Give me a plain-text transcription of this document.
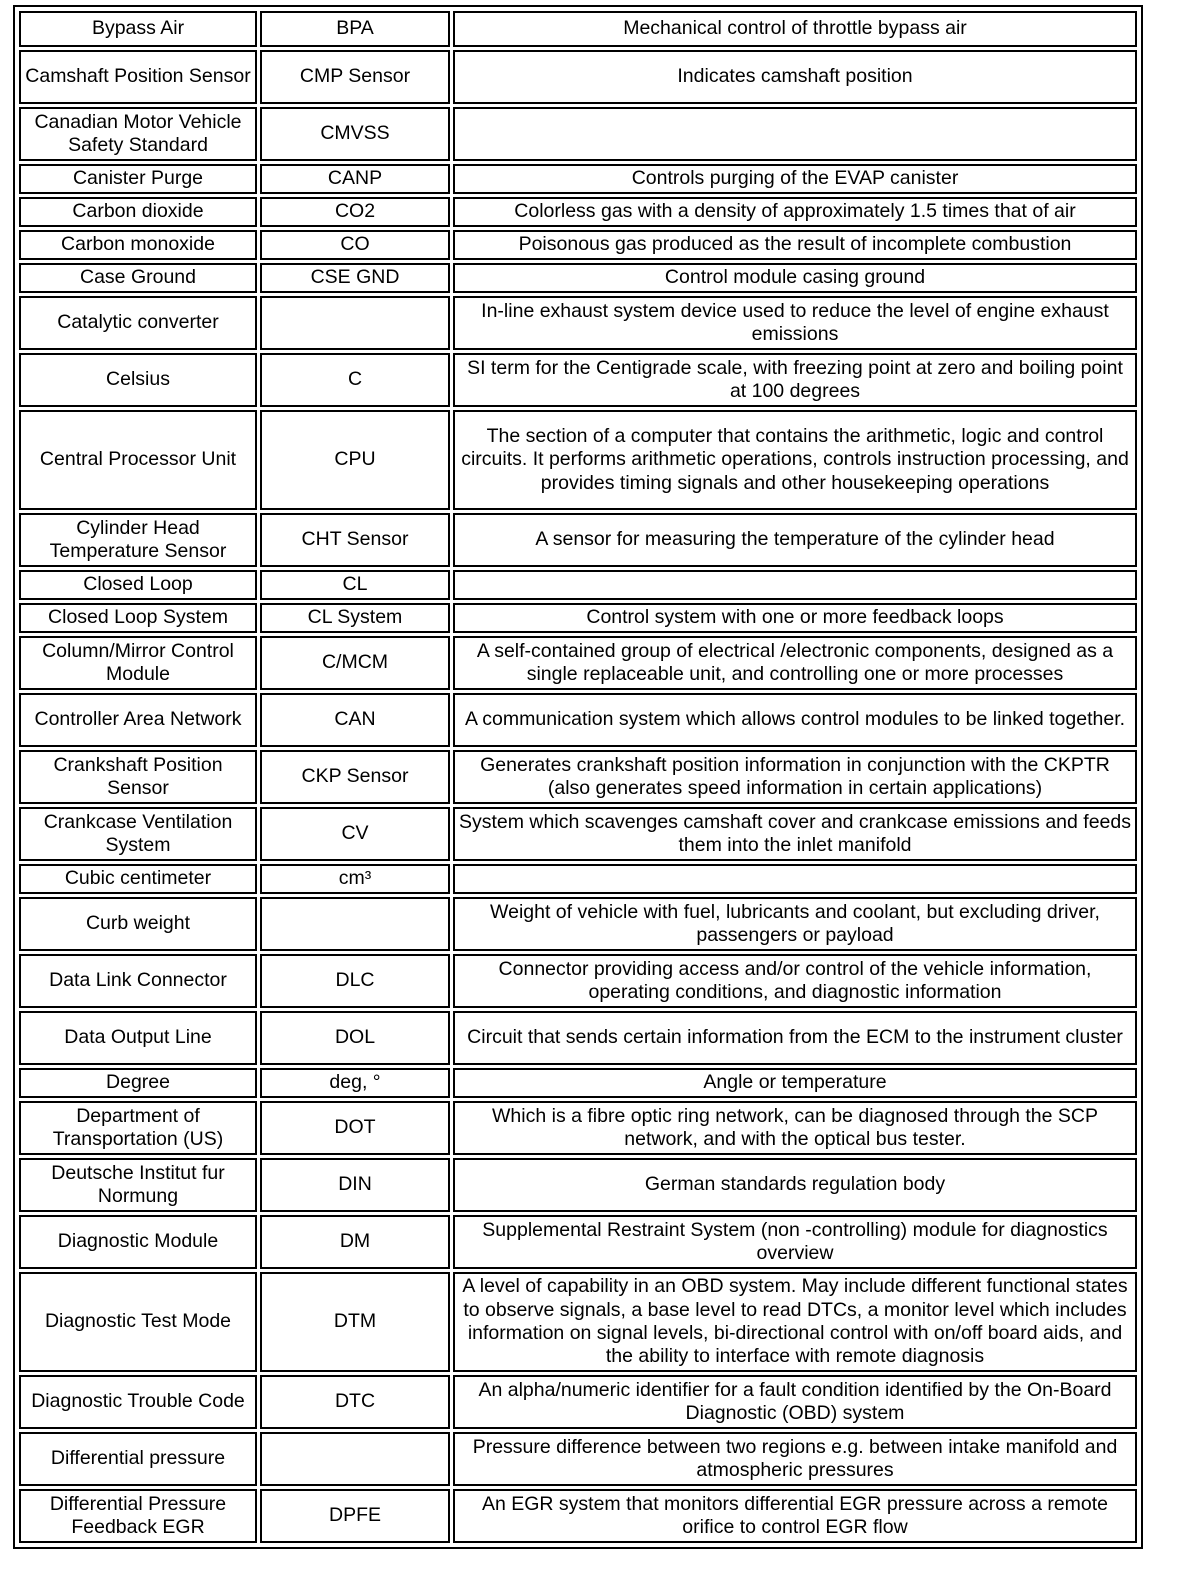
Bypass Air	BPA	Mechanical control of throttle bypass air
Camshaft Position Sensor	CMP Sensor	Indicates camshaft position
Canadian Motor Vehicle Safety Standard	CMVSS	
Canister Purge	CANP	Controls purging of the EVAP canister
Carbon dioxide	CO2	Colorless gas with a density of approximately 1.5 times that of air
Carbon monoxide	CO	Poisonous gas produced as the result of incomplete combustion
Case Ground	CSE GND	Control module casing ground
Catalytic converter		In-line exhaust system device used to reduce the level of engine exhaust emissions
Celsius	C	SI term for the Centigrade scale, with freezing point at zero and boiling point at 100 degrees
Central Processor Unit	CPU	The section of a computer that contains the arithmetic, logic and control circuits. It performs arithmetic operations, controls instruction processing, and provides timing signals and other housekeeping operations
Cylinder Head Temperature Sensor	CHT Sensor	A sensor for measuring the temperature of the cylinder head
Closed Loop	CL	
Closed Loop System	CL System	Control system with one or more feedback loops
Column/Mirror Control Module	C/MCM	A self-contained group of electrical /electronic components, designed as a single replaceable unit, and controlling one or more processes
Controller Area Network	CAN	A communication system which allows control modules to be linked together.
Crankshaft Position Sensor	CKP Sensor	Generates crankshaft position information in conjunction with the CKPTR (also generates speed information in certain applications)
Crankcase Ventilation System	CV	System which scavenges camshaft cover and crankcase emissions and feeds them into the inlet manifold
Cubic centimeter	cm³	
Curb weight		Weight of vehicle with fuel, lubricants and coolant, but excluding driver, passengers or payload
Data Link Connector	DLC	Connector providing access and/or control of the vehicle information, operating conditions, and diagnostic information
Data Output Line	DOL	Circuit that sends certain information from the ECM to the instrument cluster
Degree	deg, °	Angle or temperature
Department of Transportation (US)	DOT	Which is a fibre optic ring network, can be diagnosed through the SCP network, and with the optical bus tester.
Deutsche Institut fur Normung	DIN	German standards regulation body
Diagnostic Module	DM	Supplemental Restraint System (non -controlling) module for diagnostics overview
Diagnostic Test Mode	DTM	A level of capability in an OBD system. May include different functional states to observe signals, a base level to read DTCs, a monitor level which includes information on signal levels, bi-directional control with on/off board aids, and the ability to interface with remote diagnosis
Diagnostic Trouble Code	DTC	An alpha/numeric identifier for a fault condition identified by the On-Board Diagnostic (OBD) system
Differential pressure		Pressure difference between two regions e.g. between intake manifold and atmospheric pressures
Differential Pressure Feedback EGR	DPFE	An EGR system that monitors differential EGR pressure across a remote orifice to control EGR flow
